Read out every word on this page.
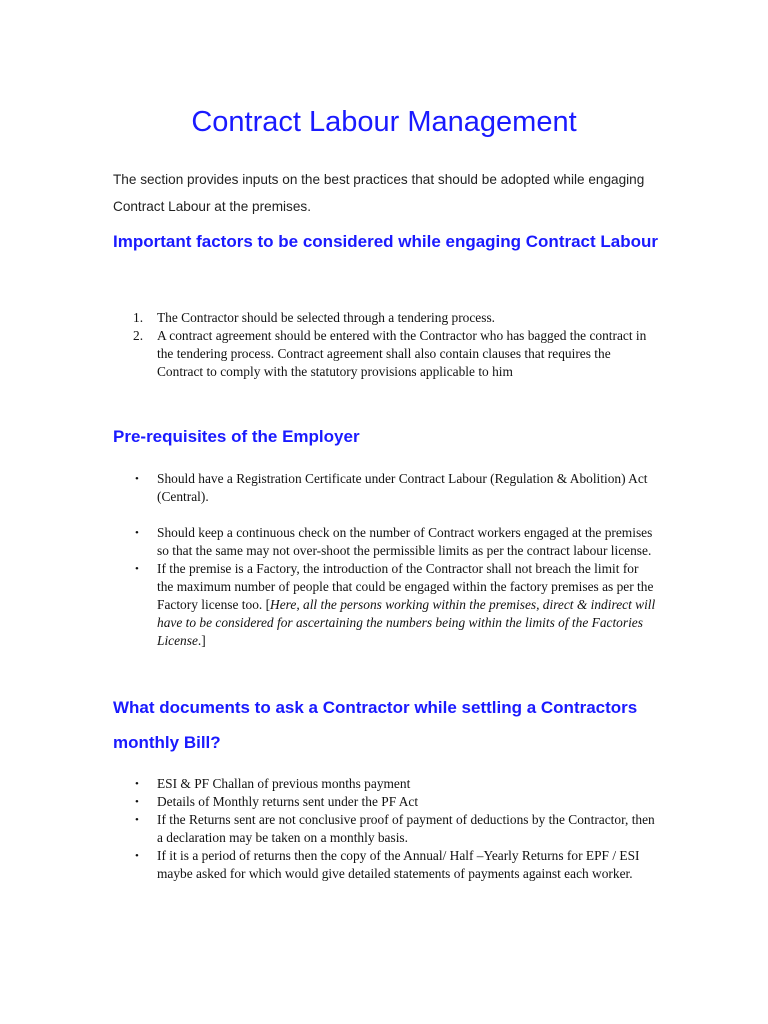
Contract Labour Management

The section provides inputs on the best practices that should be adopted while engaging Contract Labour at the premises.

Important factors to be considered while engaging Contract Labour
1.	The Contractor should be selected through a tendering process.
2.	A contract agreement should be entered with the Contractor who has bagged the contract in the tendering process. Contract agreement shall also contain clauses that requires the Contract to comply with the statutory provisions applicable to him
Pre-requisites of the Employer
•	Should have a Registration Certificate under Contract Labour (Regulation & Abolition) Act (Central).
•	Should keep a continuous check on the number of Contract workers engaged at the premises so that the same may not over-shoot the permissible limits as per the contract labour license.
•	If the premise is a Factory, the introduction of the Contractor shall not breach the limit for the maximum number of people that could be engaged within the factory premises as per the Factory license too. [Here, all the persons working within the premises, direct & indirect will have to be considered for ascertaining the numbers being within the limits of the Factories License.]
What documents to ask a Contractor while settling a Contractors monthly Bill?
•	ESI & PF Challan of previous months payment
•	Details of Monthly returns sent under the PF Act
•	If the Returns sent are not conclusive proof of payment of deductions by the Contractor, then a declaration may be taken on a monthly basis.
•	If it is a period of returns then the copy of the Annual/ Half –Yearly Returns for EPF / ESI maybe asked for which would give detailed statements of payments against each worker.
